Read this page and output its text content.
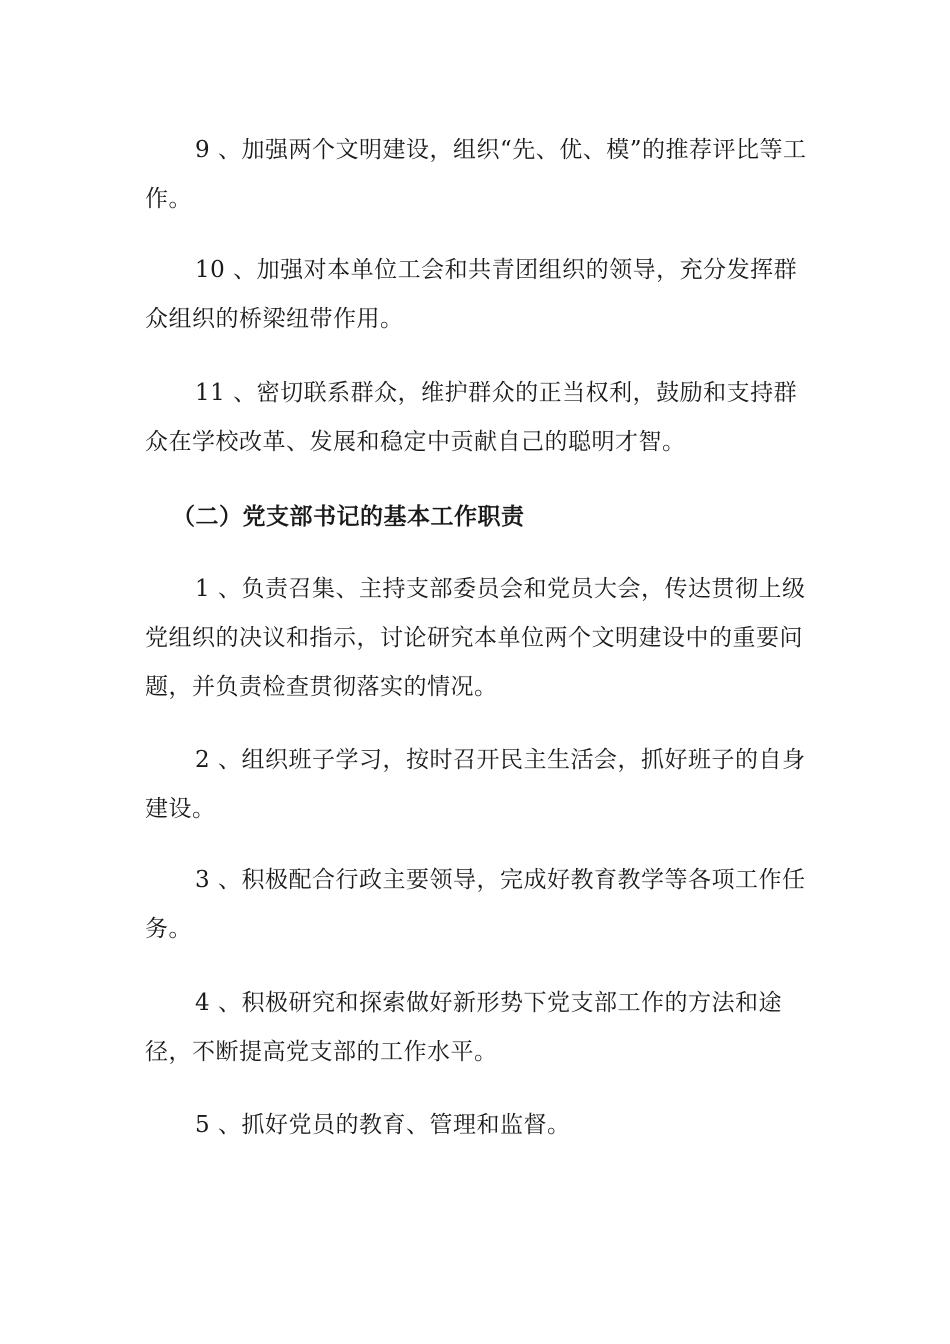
9 、加强两个文明建设，组织“先、优、模”的推荐评比等工作。

10 、加强对本单位工会和共青团组织的领导，充分发挥群众组织的桥梁纽带作用。

11 、密切联系群众，维护群众的正当权利，鼓励和支持群众在学校改革、发展和稳定中贡献自己的聪明才智。

（二）党支部书记的基本工作职责

1 、负责召集、主持支部委员会和党员大会，传达贯彻上级党组织的决议和指示，讨论研究本单位两个文明建设中的重要问题，并负责检查贯彻落实的情况。

2 、组织班子学习，按时召开民主生活会，抓好班子的自身建设。

3 、积极配合行政主要领导，完成好教育教学等各项工作任务。

4 、积极研究和探索做好新形势下党支部工作的方法和途径，不断提高党支部的工作水平。

5 、抓好党员的教育、管理和监督。
